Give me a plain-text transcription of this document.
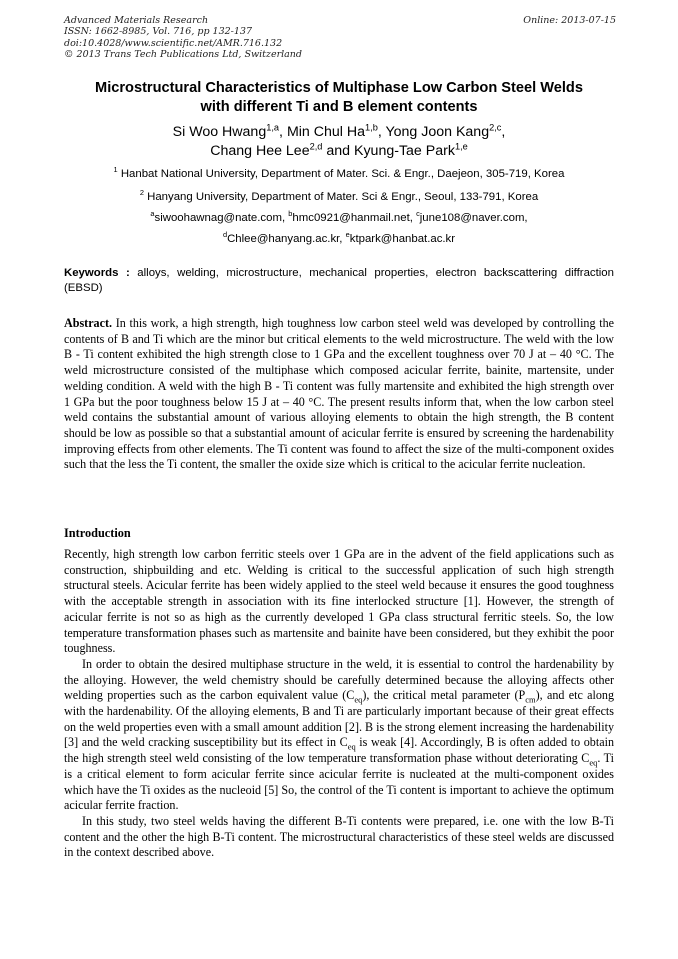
Advanced Materials Research
ISSN: 1662-8985, Vol. 716, pp 132-137
doi:10.4028/www.scientific.net/AMR.716.132
© 2013 Trans Tech Publications Ltd, Switzerland
Online: 2013-07-15
Microstructural Characteristics of Multiphase Low Carbon Steel Welds
with different Ti and B element contents
Si Woo Hwang$^{1,a}$, Min Chul Ha$^{1,b}$, Yong Joon Kang$^{2,c}$,
Chang Hee Lee$^{2,d}$ and Kyung-Tae Park$^{1,e}$
$^1$ Hanbat National University, Department of Mater. Sci. & Engr., Daejeon, 305-719, Korea
$^2$ Hanyang University, Department of Mater. Sci & Engr., Seoul, 133-791, Korea
$^a$siwoohawnag@nate.com, $^b$hmc0921@hanmail.net, $^c$june108@naver.com,
$^d$Chlee@hanyang.ac.kr, $^e$ktpark@hanbat.ac.kr
Keywords : alloys, welding, microstructure, mechanical properties, electron backscattering diffraction (EBSD)
Abstract. In this work, a high strength, high toughness low carbon steel weld was developed by controlling the contents of B and Ti which are the minor but critical elements to the weld microstructure. The weld with the low B - Ti content exhibited the high strength close to 1 GPa and the excellent toughness over 70 J at – 40 °C. The weld microstructure consisted of the multiphase which composed acicular ferrite, bainite, martensite, under welding condition. A weld with the high B - Ti content was fully martensite and exhibited the high strength over 1 GPa but the poor toughness below 15 J at – 40 °C. The present results inform that, when the low carbon steel weld contains the substantial amount of various alloying elements to obtain the high strength, the B content should be low as possible so that a substantial amount of acicular ferrite is ensured by screening the hardenability improving effects from other elements. The Ti content was found to affect the size of the multi-component oxides such that the less the Ti content, the smaller the oxide size which is critical to the acicular ferrite nucleation.
Introduction

Recently, high strength low carbon ferritic steels over 1 GPa are in the advent of the field applications such as construction, shipbuilding and etc. Welding is critical to the successful application of such high strength structural steels. Acicular ferrite has been widely applied to the steel weld because it ensures the good toughness with the acceptable strength in association with its fine interlocked structure [1]. However, the strength of acicular ferrite is not so as high as the currently developed 1 GPa class structural ferritic steels. So, the low temperature transformation phases such as martensite and bainite have been considered, but they exhibit the poor toughness.

In order to obtain the desired multiphase structure in the weld, it is essential to control the hardenability by the alloying. However, the weld chemistry should be carefully determined because the alloying affects other welding properties such as the carbon equivalent value $(C_{eq})$, the critical metal parameter $(P_{cm})$, and etc along with the hardenability. Of the alloying elements, B and Ti are particularly important because of their great effects on the weld properties even with a small amount addition [2]. B is the strong element increasing the hardenability [3] and the weld cracking susceptibility but its effect in $C_{eq}$ is weak [4]. Accordingly, B is often added to obtain the high strength steel weld consisting of the low temperature transformation phase without deteriorating $C_{eq}$. Ti is a critical element to form acicular ferrite since acicular ferrite is nucleated at the multi-component oxides which have the Ti oxides as the nucleoid [5] So, the control of the Ti content is important to achieve the optimum acicular ferrite fraction.

In this study, two steel welds having the different B-Ti contents were prepared, i.e. one with the low B-Ti content and the other the high B-Ti content. The microstructural characteristics of these steel welds are discussed in the context described above.
